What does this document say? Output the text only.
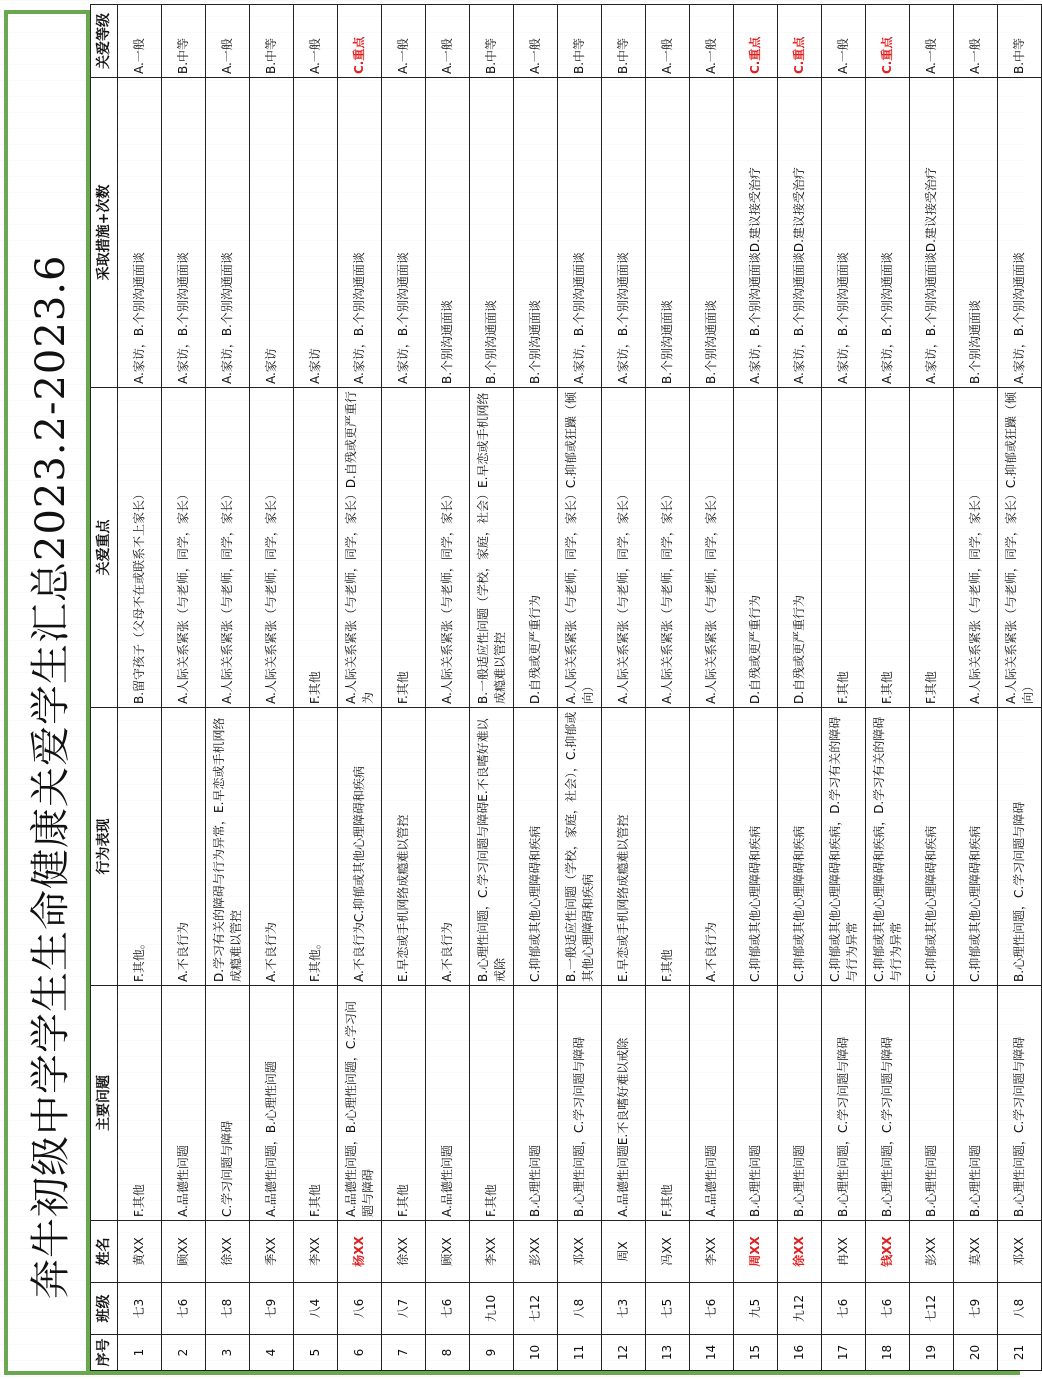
奔牛初级中学学生生命健康关爱学生汇总2023.2-2023.6
序号	班级	姓名	主要问题	行为表现	关爱重点	采取措施+次数	关爱等级
1	七3	黄XX	F.其他	F.其他。	B.留守孩子（父母不在或联系不上家长）	A.家访，B.个别沟通面谈	A.一般
2	七6	顾XX	A.品德性问题	A.不良行为	A.人际关系紧张（与老师，同学，家长）	A.家访，B.个别沟通面谈	B.中等
3	七8	徐XX	C.学习问题与障碍	D.学习有关的障碍与行为异常，E.早恋或手机网络成瘾难以管控	A.人际关系紧张（与老师，同学，家长）	A.家访，B.个别沟通面谈	A.一般
4	七9	季XX	A.品德性问题，B.心理性问题	A.不良行为	A.人际关系紧张（与老师，同学，家长）	A.家访	B.中等
5	八4	李XX	F.其他	F.其他。	F.其他	A.家访	A.一般
6	八6	杨XX	A.品德性问题，B.心理性问题，C.学习问题与障碍	A.不良行为C.抑郁或其他心理障碍和疾病	A.人际关系紧张（与老师，同学，家长）D.自残或更严重行为	A.家访，B.个别沟通面谈	C.重点
7	八7	徐XX	F.其他	E.早恋或手机网络成瘾难以管控	F.其他	A.家访，B.个别沟通面谈	A.一般
8	七6	顾XX	A.品德性问题	A.不良行为	A.人际关系紧张（与老师，同学，家长）	B.个别沟通面谈	A.一般
9	九10	李XX	F.其他	B.心理性问题，C.学习问题与障碍E.不良嗜好难以戒除	B.一般适应性问题（学校，家庭，社会）E.早恋或手机网络成瘾难以管控	B.个别沟通面谈	B.中等
10	七12	彭XX	B.心理性问题	C.抑郁或其他心理障碍和疾病	D.自残或更严重行为	B.个别沟通面谈	A.一般
11	八8	邓XX	B.心理性问题，C.学习问题与障碍	B.一般适应性问题（学校，家庭，社会），C.抑郁或其他心理障碍和疾病	A.人际关系紧张（与老师，同学，家长）C.抑郁或狂躁（倾向）	A.家访，B.个别沟通面谈	B.中等
12	七3	周X	A.品德性问题E.不良嗜好难以戒除	E.早恋或手机网络成瘾难以管控	A.人际关系紧张（与老师，同学，家长）	A.家访，B.个别沟通面谈	B.中等
13	七5	冯XX	F.其他	F.其他	A.人际关系紧张（与老师，同学，家长）	B.个别沟通面谈	A.一般
14	七6	李XX	A.品德性问题	A.不良行为	A.人际关系紧张（与老师，同学，家长）	B.个别沟通面谈	A.一般
15	九5	周XX	B.心理性问题	C.抑郁或其他心理障碍和疾病	D.自残或更严重行为	A.家访，B.个别沟通面谈D.建议接受治疗	C.重点
16	九12	徐XX	B.心理性问题	C.抑郁或其他心理障碍和疾病	D.自残或更严重行为	A.家访，B.个别沟通面谈D.建议接受治疗	C.重点
17	七6	冉XX	B.心理性问题，C.学习问题与障碍	C.抑郁或其他心理障碍和疾病，D.学习有关的障碍与行为异常	F.其他	A.家访，B.个别沟通面谈	A.一般
18	七6	钱XX	B.心理性问题，C.学习问题与障碍	C.抑郁或其他心理障碍和疾病，D.学习有关的障碍与行为异常	F.其他	A.家访，B.个别沟通面谈	C.重点
19	七12	彭XX	B.心理性问题	C.抑郁或其他心理障碍和疾病	F.其他	A.家访，B.个别沟通面谈D.建议接受治疗	A.一般
20	七9	莫XX	B.心理性问题	C.抑郁或其他心理障碍和疾病	A.人际关系紧张（与老师，同学，家长）	B.个别沟通面谈	A.一般
21	八8	邓XX	B.心理性问题，C.学习问题与障碍	B.心理性问题，C.学习问题与障碍	A.人际关系紧张（与老师，同学，家长）C.抑郁或狂躁（倾向）	A.家访，B.个别沟通面谈	B.中等
